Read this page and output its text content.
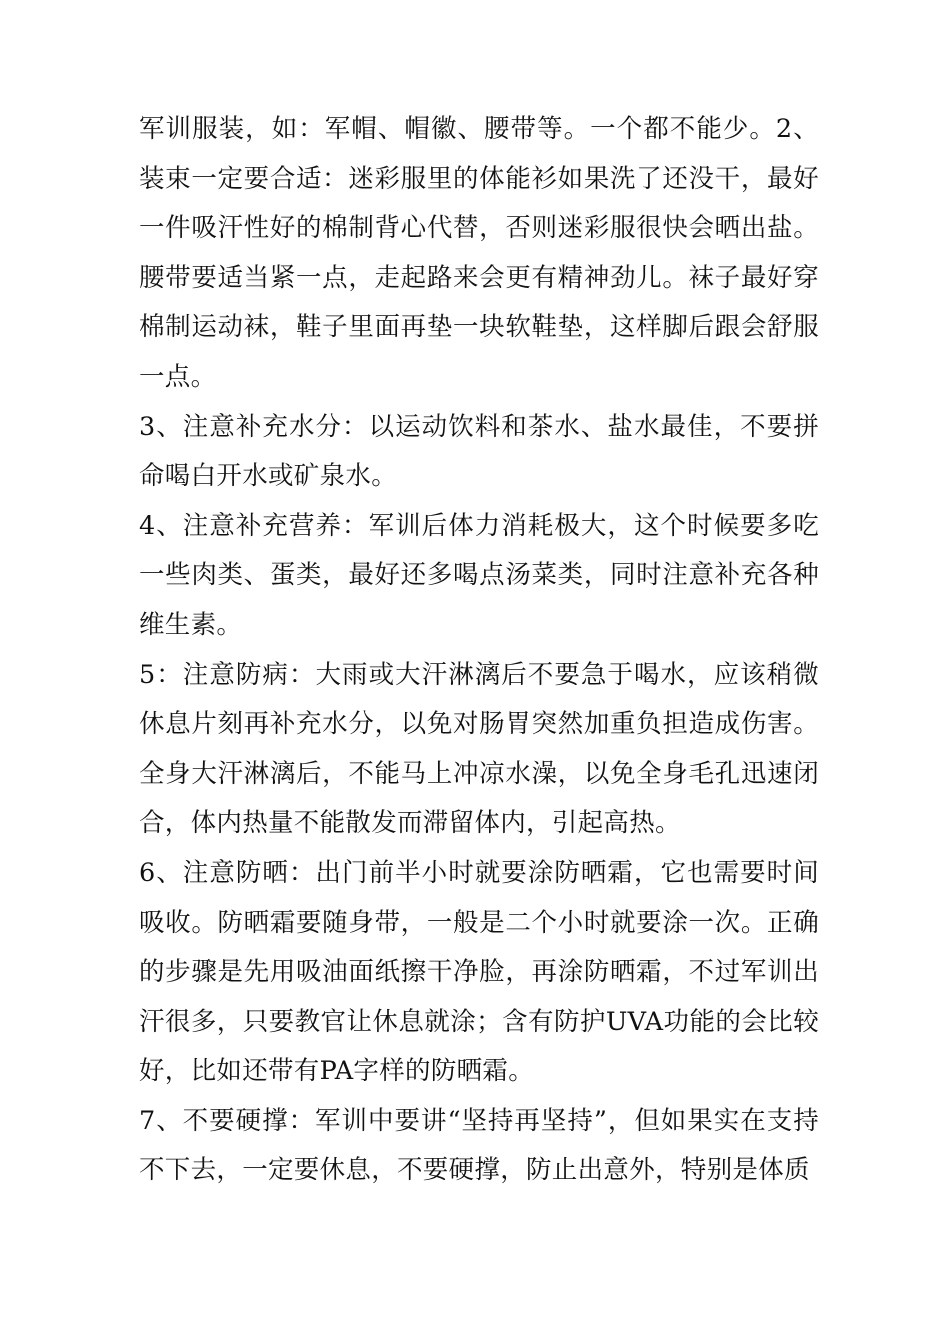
军训服装，如：军帽、帽徽、腰带等。一个都不能少。2、装束一定要合适：迷彩服里的体能衫如果洗了还没干，最好一件吸汗性好的棉制背心代替，否则迷彩服很快会晒出盐。腰带要适当紧一点，走起路来会更有精神劲儿。袜子最好穿棉制运动袜，鞋子里面再垫一块软鞋垫，这样脚后跟会舒服一点。

3、注意补充水分：以运动饮料和茶水、盐水最佳，不要拼命喝白开水或矿泉水。

4、注意补充营养：军训后体力消耗极大，这个时候要多吃一些肉类、蛋类，最好还多喝点汤菜类，同时注意补充各种维生素。

5：注意防病：大雨或大汗淋漓后不要急于喝水，应该稍微休息片刻再补充水分，以免对肠胃突然加重负担造成伤害。全身大汗淋漓后，不能马上冲凉水澡，以免全身毛孔迅速闭合，体内热量不能散发而滞留体内，引起高热。

6、注意防晒：出门前半小时就要涂防晒霜，它也需要时间吸收。防晒霜要随身带，一般是二个小时就要涂一次。正确的步骤是先用吸油面纸擦干净脸，再涂防晒霜，不过军训出汗很多，只要教官让休息就涂；含有防护UVA功能的会比较好，比如还带有PA字样的防晒霜。

7、不要硬撑：军训中要讲“坚持再坚持”，但如果实在支持不下去，一定要休息，不要硬撑，防止出意外，特别是体质
